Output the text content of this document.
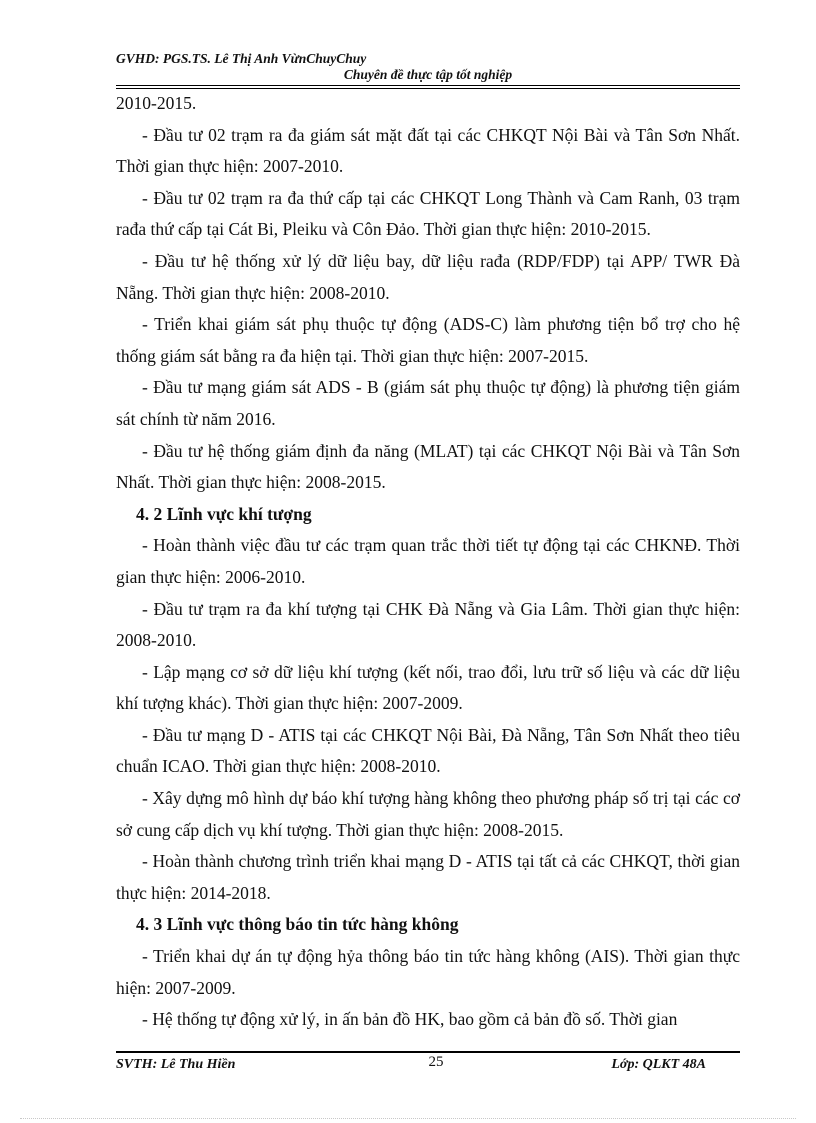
GVHD: PGS.TS. Lê Thị Anh VừnChuyChuy
Chuyên đề thực tập tốt nghiệp

2010-2015.

- Đầu tư 02 trạm ra đa giám sát mặt đất tại các CHKQT Nội Bài và Tân Sơn Nhất. Thời gian thực hiện: 2007-2010.

- Đầu tư 02 trạm ra đa thứ cấp tại các CHKQT Long Thành và Cam Ranh, 03 trạm rađa thứ cấp tại Cát Bi, Pleiku và Côn Đảo. Thời gian thực hiện: 2010-2015.

- Đầu tư hệ thống xử lý dữ liệu bay, dữ liệu rađa (RDP/FDP) tại APP/ TWR Đà Nẵng. Thời gian thực hiện: 2008-2010.

- Triển khai giám sát phụ thuộc tự động (ADS-C) làm phương tiện bổ trợ cho hệ thống giám sát bằng ra đa hiện tại. Thời gian thực hiện: 2007-2015.

- Đầu tư mạng giám sát ADS - B (giám sát phụ thuộc tự động) là phương tiện giám sát chính từ năm 2016.

- Đầu tư hệ thống giám định đa năng (MLAT) tại các CHKQT Nội Bài và Tân Sơn Nhất. Thời gian thực hiện: 2008-2015.

4. 2 Lĩnh vực khí tượng

- Hoàn thành việc đầu tư các trạm quan trắc thời tiết tự động tại các CHKNĐ. Thời gian thực hiện: 2006-2010.

- Đầu tư trạm ra đa khí tượng tại CHK Đà Nẵng và Gia Lâm. Thời gian thực hiện: 2008-2010.

- Lập mạng cơ sở dữ liệu khí tượng (kết nối, trao đổi, lưu trữ số liệu và các dữ liệu khí tượng khác). Thời gian thực hiện: 2007-2009.

- Đầu tư mạng D - ATIS tại các CHKQT Nội Bài, Đà Nẵng, Tân Sơn Nhất theo tiêu chuẩn ICAO. Thời gian thực hiện: 2008-2010.

- Xây dựng mô hình dự báo khí tượng hàng không theo phương pháp số trị tại các cơ sở cung cấp dịch vụ khí tượng. Thời gian thực hiện: 2008-2015.

- Hoàn thành chương trình triển khai mạng D - ATIS tại tất cả các CHKQT, thời gian thực hiện: 2014-2018.

4. 3 Lĩnh vực thông báo tin tức hàng không

- Triển khai dự án tự động hỷa thông báo tin tức hàng không (AIS). Thời gian thực hiện: 2007-2009.

- Hệ thống tự động xử lý, in ấn bản đồ HK, bao gồm cả bản đồ số. Thời gian

SVTH: Lê Thu Hiền	25	Lớp: QLKT 48A
